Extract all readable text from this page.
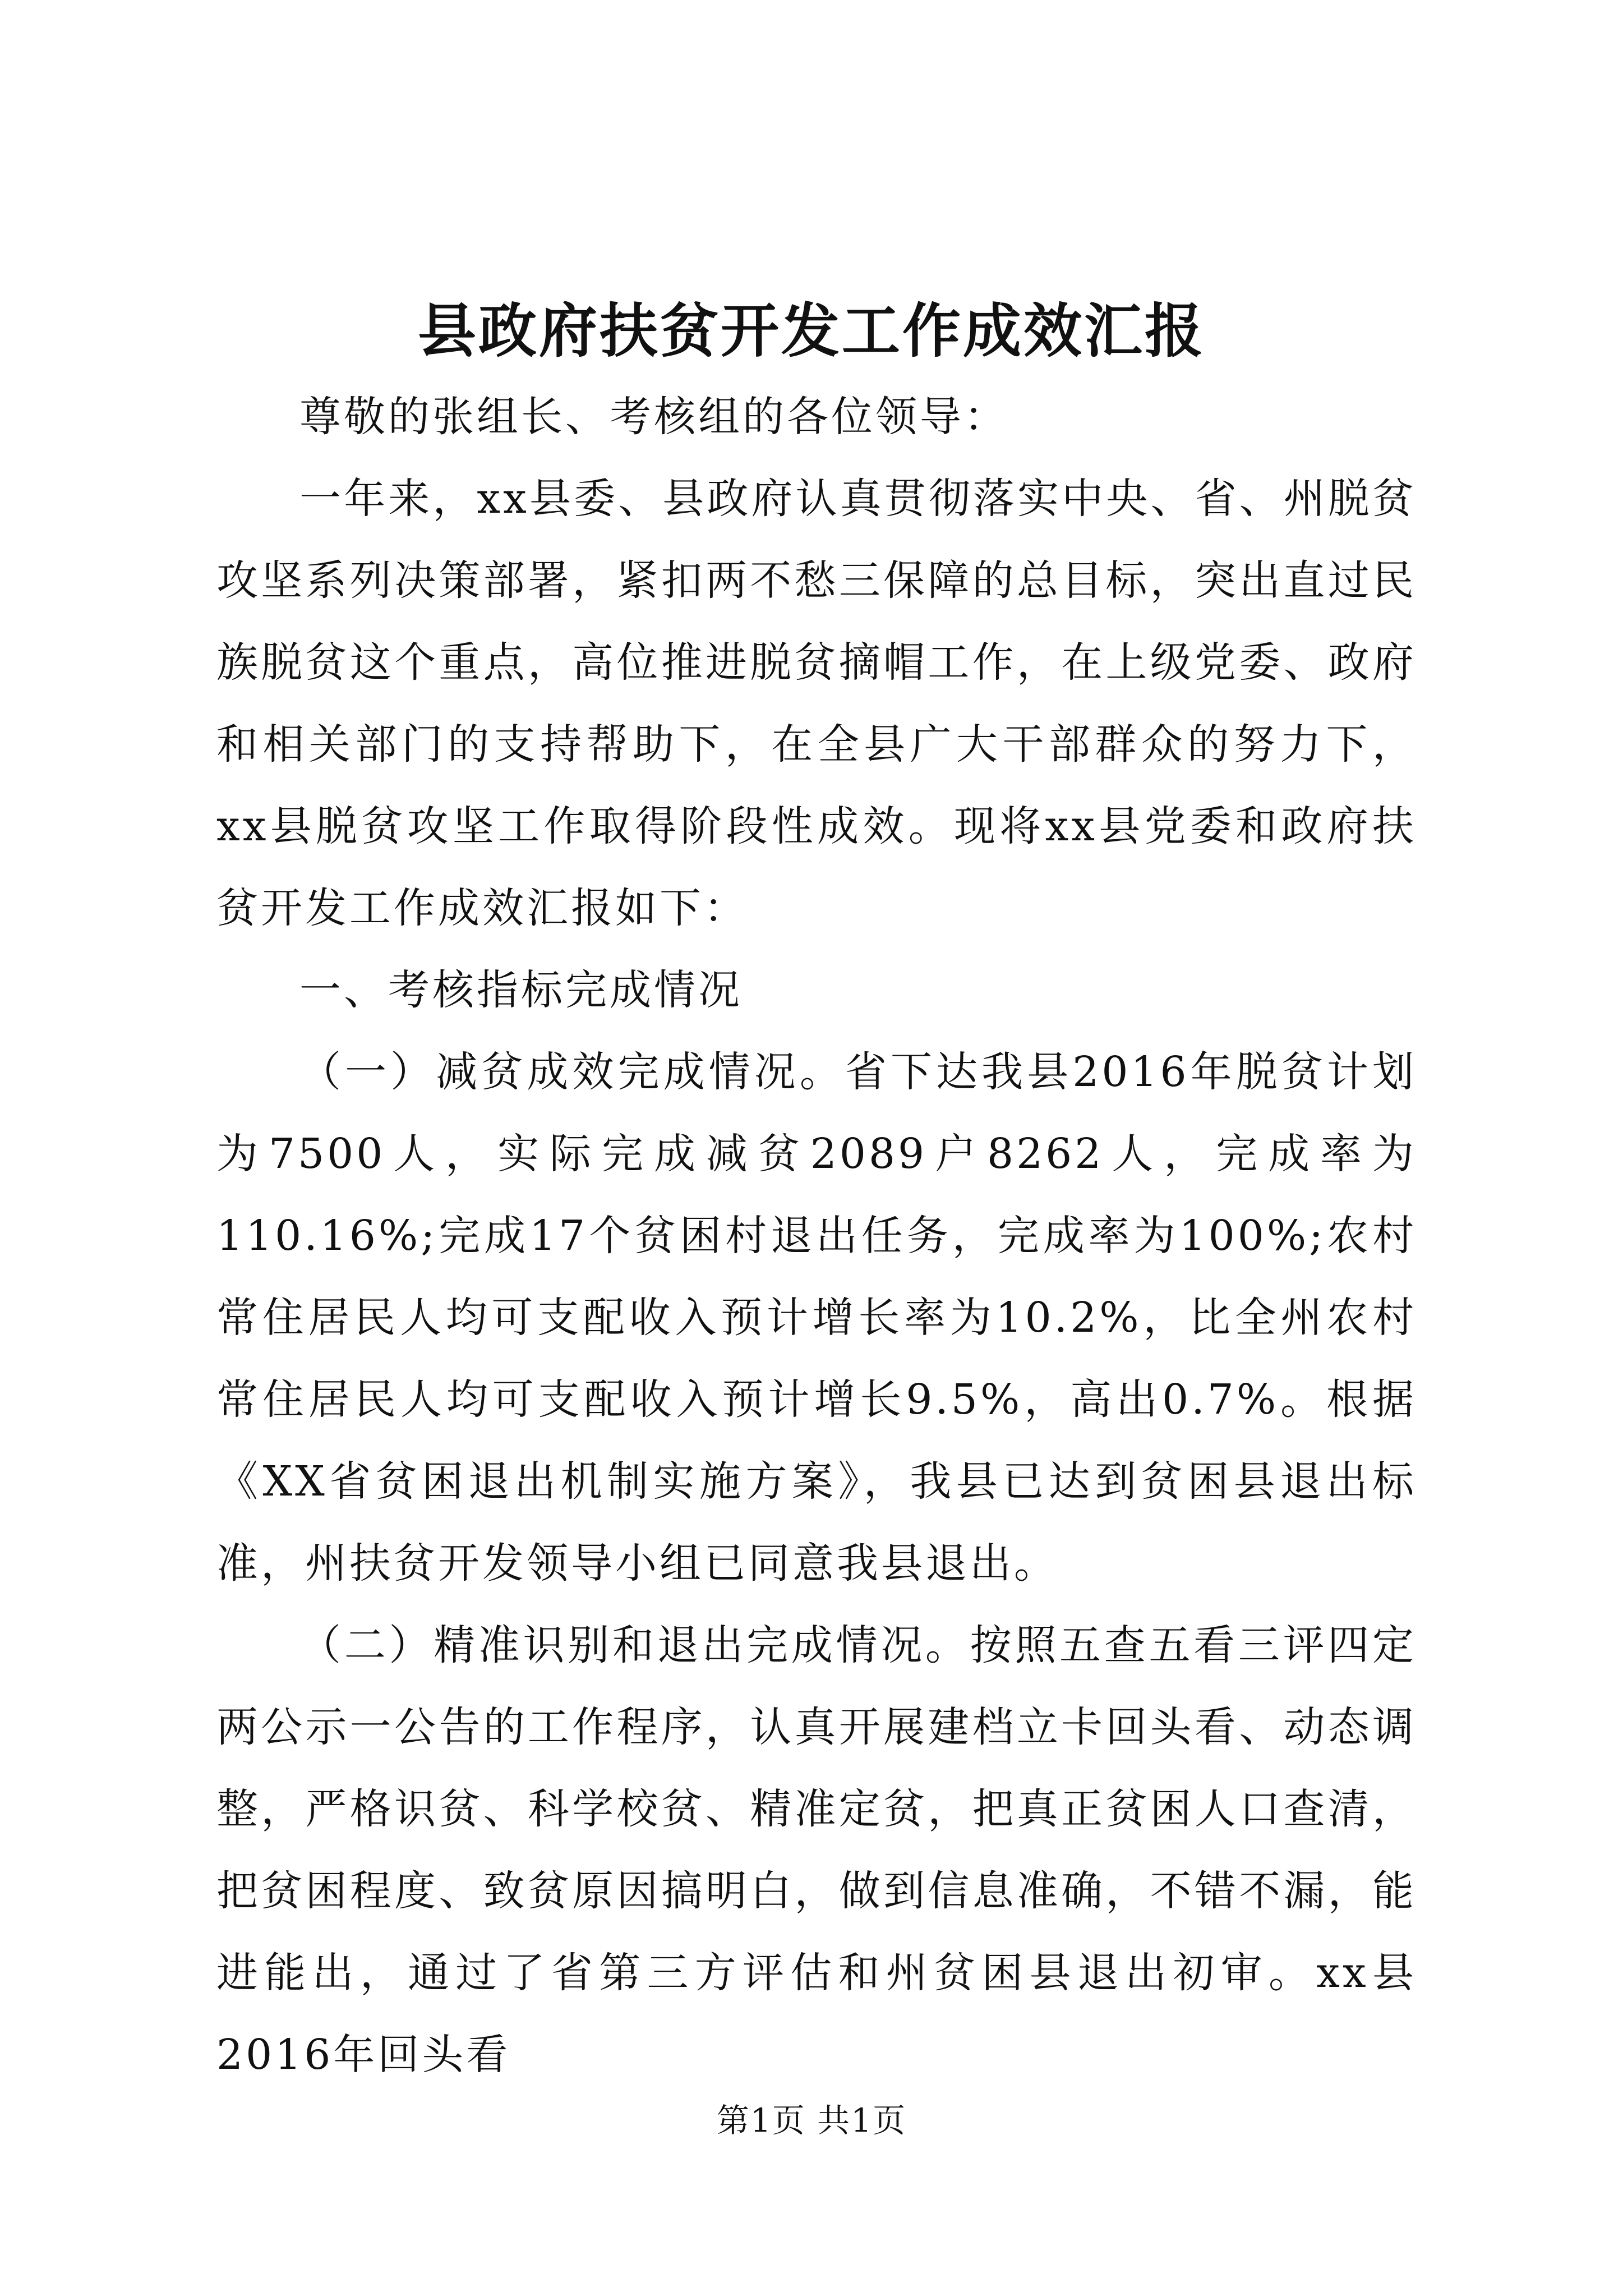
县政府扶贫开发工作成效汇报

尊敬的张组长、考核组的各位领导：

一年来，xx县委、县政府认真贯彻落实中央、省、州脱贫攻坚系列决策部署，紧扣两不愁三保障的总目标，突出直过民族脱贫这个重点，高位推进脱贫摘帽工作，在上级党委、政府和相关部门的支持帮助下，在全县广大干部群众的努力下，xx县脱贫攻坚工作取得阶段性成效。现将xx县党委和政府扶贫开发工作成效汇报如下：

一、考核指标完成情况

（一）减贫成效完成情况。省下达我县2016年脱贫计划为7500人，实际完成减贫2089户8262人，完成率为110.16%;完成17个贫困村退出任务，完成率为100%;农村常住居民人均可支配收入预计增长率为10.2%，比全州农村常住居民人均可支配收入预计增长9.5%，高出0.7%。根据《XX省贫困退出机制实施方案》，我县已达到贫困县退出标准，州扶贫开发领导小组已同意我县退出。

（二）精准识别和退出完成情况。按照五查五看三评四定两公示一公告的工作程序，认真开展建档立卡回头看、动态调整，严格识贫、科学校贫、精准定贫，把真正贫困人口查清，把贫困程度、致贫原因搞明白，做到信息准确，不错不漏，能进能出，通过了省第三方评估和州贫困县退出初审。xx县2016年回头看

第1页 共1页
